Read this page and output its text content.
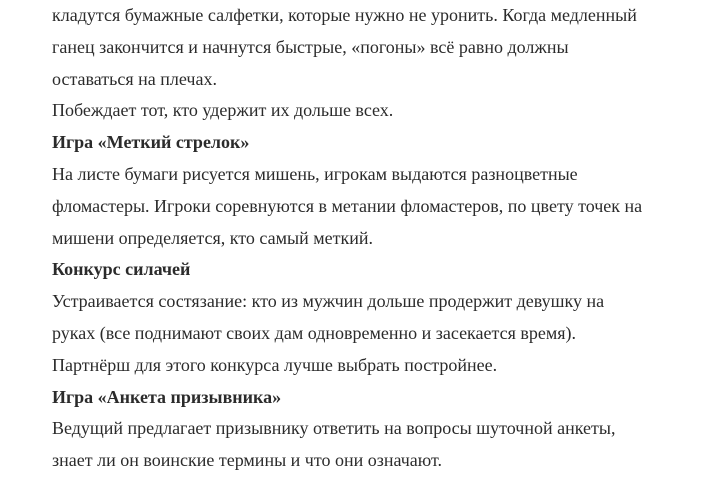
кладутся бумажные салфетки, которые нужно не уронить. Когда медленный
ганец закончится и начнутся быстрые, «погоны» всё равно должны
оставаться на плечах.
Побеждает тот, кто удержит их дольше всех.
Игра «Меткий стрелок»
На листе бумаги рисуется мишень, игрокам выдаются разноцветные
фломастеры. Игроки соревнуются в метании фломастеров, по цвету точек на
мишени определяется, кто самый меткий.
Конкурс силачей
Устраивается состязание: кто из мужчин дольше продержит девушку на
руках (все поднимают своих дам одновременно и засекается время).
Партнёрш для этого конкурса лучше выбрать постройнее.
Игра «Анкета призывника»
Ведущий предлагает призывнику ответить на вопросы шуточной анкеты,
знает ли он воинские термины и что они означают.
